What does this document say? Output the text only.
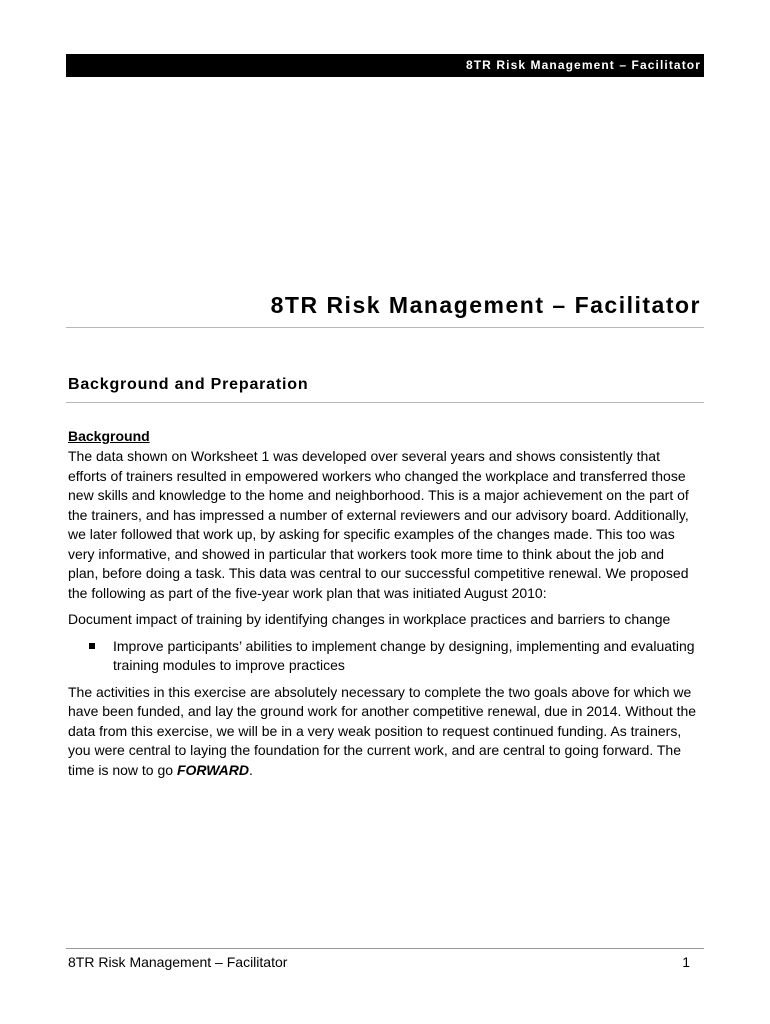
8TR Risk Management – Facilitator
8TR Risk Management – Facilitator
Background and Preparation
Background

The data shown on Worksheet 1 was developed over several years and shows consistently that efforts of trainers resulted in empowered workers who changed the workplace and transferred those new skills and knowledge to the home and neighborhood. This is a major achievement on the part of the trainers, and has impressed a number of external reviewers and our advisory board. Additionally, we later followed that work up, by asking for specific examples of the changes made. This too was very informative, and showed in particular that workers took more time to think about the job and plan, before doing a task. This data was central to our successful competitive renewal. We proposed the following as part of the five-year work plan that was initiated August 2010:

Document impact of training by identifying changes in workplace practices and barriers to change

Improve participants’ abilities to implement change by designing, implementing and evaluating training modules to improve practices

The activities in this exercise are absolutely necessary to complete the two goals above for which we have been funded, and lay the ground work for another competitive renewal, due in 2014. Without the data from this exercise, we will be in a very weak position to request continued funding. As trainers, you were central to laying the foundation for the current work, and are central to going forward. The time is now to go FORWARD.

8TR Risk Management – Facilitator	1
